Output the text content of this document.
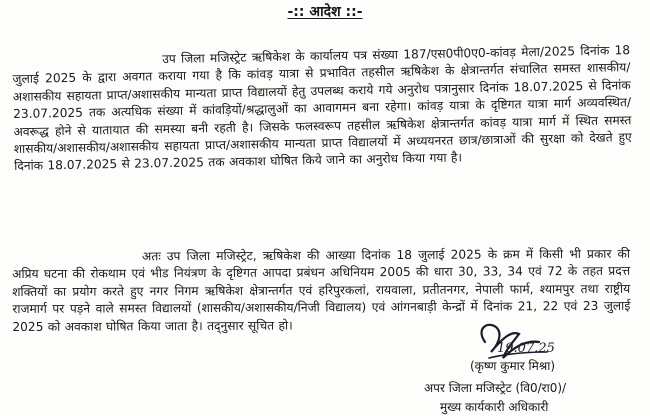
-:: आदेश ::-

उप जिला मजिस्ट्रेट ऋषिकेश के कार्यालय पत्र संख्या 187/एस0पी0ए0-कांवड़ मेला/2025 दिनांक 18 जुलाई 2025 के द्वारा अवगत कराया गया है कि कांवड़ यात्रा से प्रभावित तहसील ऋषिकेश के क्षेत्रान्तर्गत संचालित समस्त शासकीय/अशासकीय सहायता प्राप्त/अशासकीय मान्यता प्राप्त विद्यालयों हेतु उपलब्ध कराये गये अनुरोध पत्रानुसार दिनांक 18.07.2025 से दिनांक 23.07.2025 तक अत्यधिक संख्या में कांवड़ियों/श्रद्धालुओं का आवागमन बना रहेगा। कांवड़ यात्रा के दृष्टिगत यात्रा मार्ग अव्यवस्थित/अवरूद्ध होने से यातायात की समस्या बनी रहती है। जिसके फलस्वरूप तहसील ऋषिकेश क्षेत्रान्तर्गत कांवड़ यात्रा मार्ग में स्थित समस्त शासकीय/अशासकीय/अशासकीय सहायता प्राप्त/अशासकीय मान्यता प्राप्त विद्यालयों में अध्ययनरत छात्र/छात्राओं की सुरक्षा को देखते हुए दिनांक 18.07.2025 से 23.07.2025 तक अवकाश घोषित किये जाने का अनुरोध किया गया है।

अतः उप जिला मजिस्ट्रेट, ऋषिकेश की आख्या दिनांक 18 जुलाई 2025 के क्रम में किसी भी प्रकार की अप्रिय घटना की रोकथाम एवं भीड नियंत्रण के दृष्टिगत आपदा प्रबंधन अधिनियम 2005 की धारा 30, 33, 34 एवं 72 के तहत प्रदत्त शक्तियों का प्रयोग करते हुए नगर निगम ऋषिकेश क्षेत्रान्तर्गत एवं हरिपुरकलां, रायवाला, प्रतीतनगर, नेपाली फार्म, श्यामपुर तथा राष्ट्रीय राजमार्ग पर पड़ने वाले समस्त विद्यालयों (शासकीय/अशासकीय/निजी विद्यालय) एवं आंगनबाड़ी केन्द्रों में दिनांक 21, 22 एवं 23 जुलाई 2025 को अवकाश घोषित किया जाता है। तद्नुसार सूचित हो।

19.07.25
(कृष्ण कुमार मिश्रा)
अपर जिला मजिस्ट्रेट (वि0/रा0)/
मुख्य कार्यकारी अधिकारी
